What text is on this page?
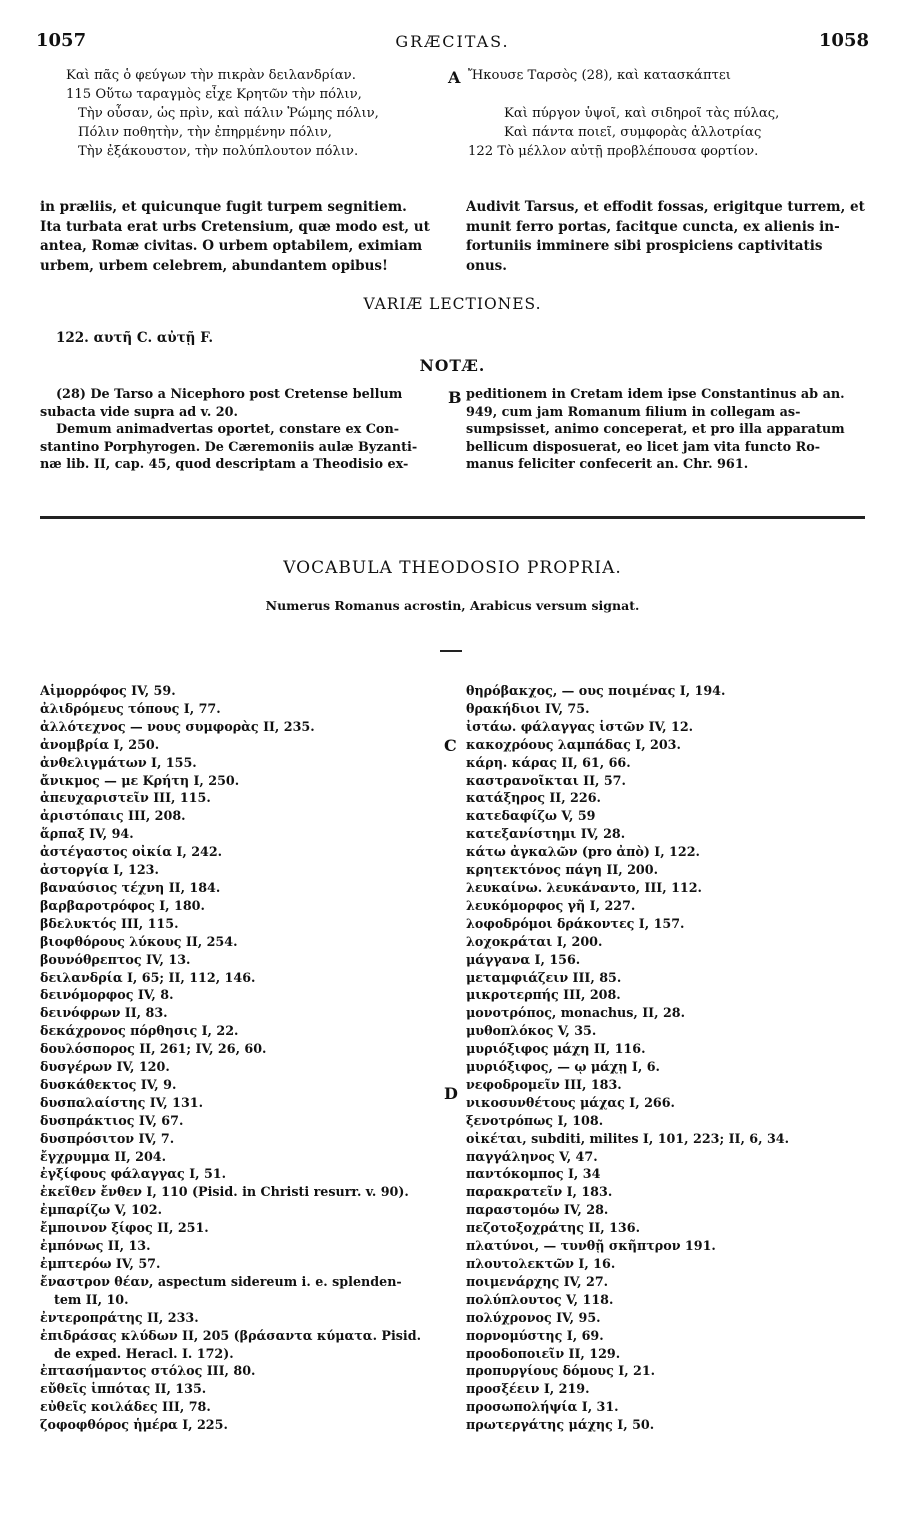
1057	GRÆCITAS.	1058
Καὶ πᾶς ὁ φεύγων τὴν πικρὰν δειλανδρίαν.
115 Οὕτω ταραγμὸς εἶχε Κρητῶν τὴν πόλιν,
Τὴν οὖσαν, ὡς πρὶν, καὶ πάλιν Ῥώμης πόλιν,
Πόλιν ποθητὴν, τὴν ἐπηρμένην πόλιν,
Τὴν ἐξάκουστον, τὴν πολύπλουτον πόλιν.
A Ἤκουσε Ταρσὸς (28), καὶ κατασκάπτει

Καὶ πύργον ὑψοῖ, καὶ σιδηροῖ τὰς πύλας,
Καὶ πάντα ποιεῖ, συμφορὰς ἀλλοτρίας
122 Τὸ μέλλον αὐτῇ προβλέπουσα φορτίον.
in præliis, et quicunque fugit turpem segnitiem.
Ita turbata erat urbs Cretensium, quæ modo est, ut
antea, Romæ civitas. O urbem optabilem, eximiam
urbem, urbem celebrem, abundantem opibus!
Audivit Tarsus, et effodit fossas, erigitque turrem, et
munit ferro portas, facitque cuncta, ex alienis in-
fortuniis imminere sibi prospiciens captivitatis
onus.
VARIÆ LECTIONES.
122. αυτῆ C. αὐτῇ F.
NOTÆ.
(28) De Tarso a Nicephoro post Cretense bellum
subacta vide supra ad v. 20.
Demum animadvertas oportet, constare ex Con-
stantino Porphyrogen. De Cæremoniis aulæ Byzanti-
næ lib. II, cap. 45, quod descriptam a Theodisio ex-
B peditionem in Cretam idem ipse Constantinus ab an.
949, cum jam Romanum filium in collegam as-
sumpsisset, animo conceperat, et pro illa apparatum
bellicum disposuerat, eo licet jam vita functo Ro-
manus feliciter confecerit an. Chr. 961.
VOCABULA THEODOSIO PROPRIA.
Numerus Romanus acrostin, Arabicus versum signat.
Αἱμορρόφος IV, 59.
ἀλιδρόμευς τόπους I, 77.
ἀλλότεχνος — νους συμφορὰς II, 235.
ἀνομβρία I, 250.
ἀνθελιγμάτων I, 155.
ἄνικμος — με Κρήτη I, 250.
ἀπευχαριστεῖν III, 115.
ἀριστόπαις III, 208.
ἅρπαξ IV, 94.
ἀστέγαστος οἰκία I, 242.
ἀστοργία I, 123.
βαναύσιος τέχνη II, 184.
βαρβαροτρόφος I, 180.
βδελυκτός III, 115.
βιοφθόρους λύκους II, 254.
βουνόθρεπτος IV, 13.
δειλανδρία I, 65; II, 112, 146.
δεινόμορφος IV, 8.
δεινόφρων II, 83.
δεκάχρονος πόρθησις I, 22.
δουλόσπορος II, 261; IV, 26, 60.
δυσγέρων IV, 120.
δυσκάθεκτος IV, 9.
δυσπαλαίστης IV, 131.
δυσπράκτιος IV, 67.
δυσπρόσιτον IV, 7.
ἔγχρυμμα II, 204.
ἐγξίφους φάλαγγας I, 51.
ἐκεῖθεν ἔνθεν I, 110 (Pisid. in Christi resurr. v. 90).
ἐμπαρίζω V, 102.
ἔμποινον ξίφος II, 251.
ἐμπόνως II, 13.
ἐμπτερόω IV, 57.
ἔναστρον θέαν, aspectum sidereum i. e. splenden-
tem II, 10.
ἐντεροπράτης II, 233.
ἐπιδράσας κλύδων II, 205 (βράσαντα κύματα. Pisid.
de exped. Heracl. I. 172).
ἐπτασήμαντος στόλος III, 80.
εὔθεῖς ἱππότας II, 135.
εὐθεῖς κοιλάδες III, 78.
ζοφοφθόρος ἡμέρα I, 225.
C
D
θηρόβακχος, — ους ποιμένας I, 194.
θρακήδιοι IV, 75.
ἰστάω. φάλαγγας ἱστῶν IV, 12.
κακοχρόους λαμπάδας I, 203.
κάρη. κάρας II, 61, 66.
καστρανοῖκται II, 57.
κατάξηρος II, 226.
κατεδαφίζω V, 59
κατεξανίστημι IV, 28.
κάτω ἀγκαλῶν (pro ἀπὸ) I, 122.
κρητεκτόνος πάγη II, 200.
λευκαίνω. λευκάναντο, III, 112.
λευκόμορφος γῆ I, 227.
λοφοδρόμοι δράκοντες I, 157.
λοχοκράται I, 200.
μάγγανα I, 156.
μεταμφιάζειν III, 85.
μικροτερπής III, 208.
μονοτρόπος, monachus, II, 28.
μυθοπλόκος V, 35.
μυριόξιφος μάχη II, 116.
μυριόξιφος, — ῳ μάχῃ I, 6.
νεφοδρομεῖν III, 183.
νικοσυνθέτους μάχας I, 266.
ξενοτρόπως I, 108.
οἰκέται, subditi, milites I, 101, 223; II, 6, 34.
παγγάληνος V, 47.
παντόκομπος I, 34
παρακρατεῖν I, 183.
παραστομόω IV, 28.
πεζοτοξοχράτης II, 136.
πλατύνοι, — τυνθῇ σκῆπτρον 191.
πλουτολεκτῶν I, 16.
ποιμενάρχης IV, 27.
πολύπλουτος V, 118.
πολύχρονος IV, 95.
πορνομύστης I, 69.
προοδοποιεῖν II, 129.
προπυργίους δόμους I, 21.
προσξέειν I, 219.
προσωπολήψία I, 31.
πρωτεργάτης μάχης I, 50.
